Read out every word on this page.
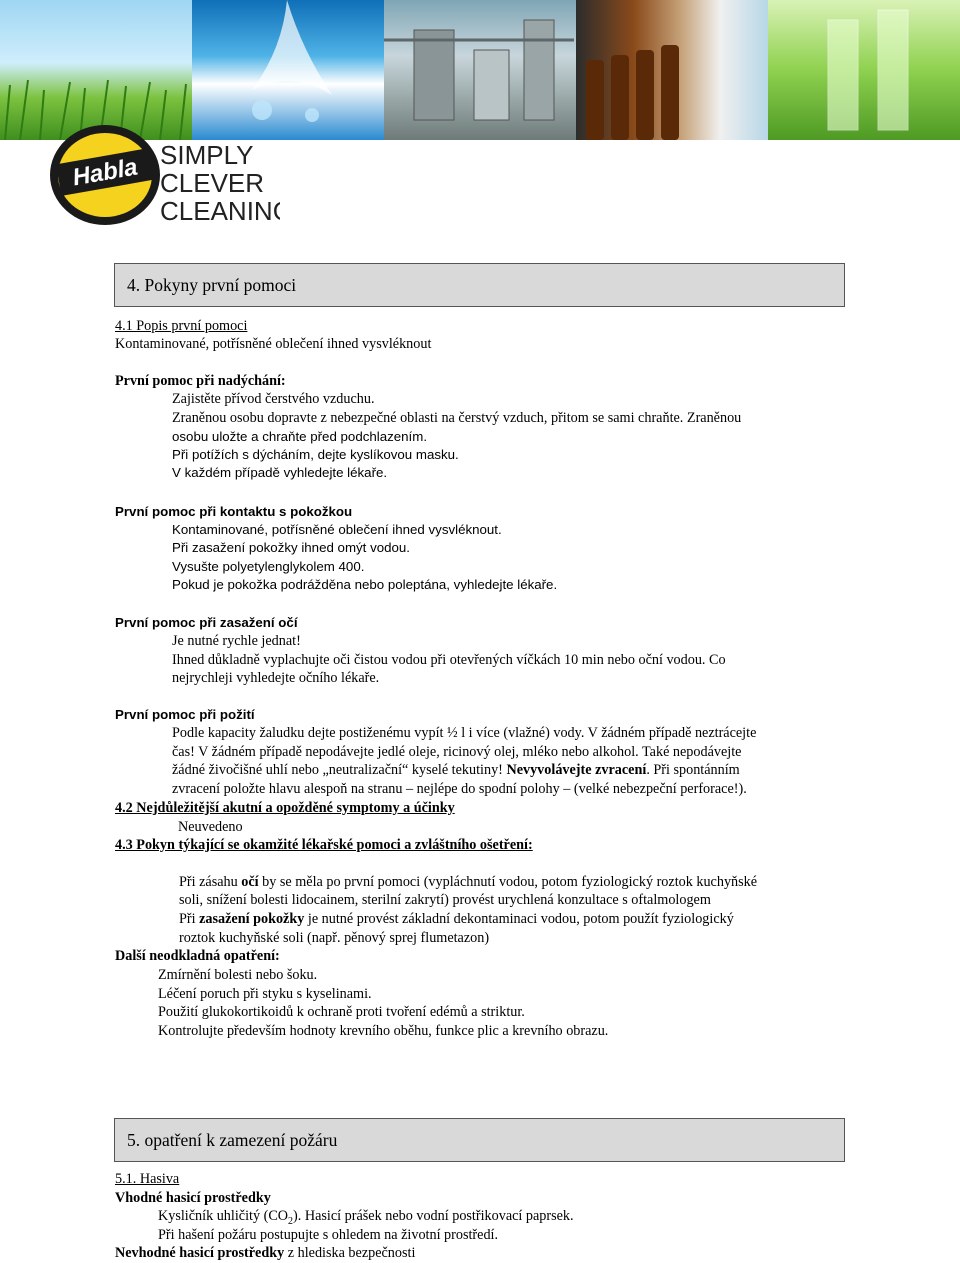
Habla SIMPLY
CLEVER
CLEANING
4. Pokyny první pomoci
4.1 Popis první pomoci
Kontaminované, potřísněné oblečení ihned vysvléknout
První pomoc při nadýchání:
Zajistěte přívod čerstvého vzduchu.
Zraněnou osobu dopravte z nebezpečné oblasti na čerstvý vzduch, přitom se sami chraňte. Zraněnou
osobu uložte a chraňte před podchlazením.
Při potížích s dýcháním, dejte kyslíkovou masku.
V každém případě vyhledejte lékaře.
První pomoc při kontaktu s pokožkou
Kontaminované, potřísněné oblečení ihned vysvléknout.
Při zasažení pokožky ihned omýt vodou.
Vysušte polyetylenglykolem 400.
Pokud je pokožka podrážděna nebo poleptána, vyhledejte lékaře.
První pomoc při zasažení očí
Je nutné rychle jednat!
Ihned důkladně vyplachujte oči čistou vodou při otevřených víčkách 10 min nebo oční vodou. Co
nejrychleji vyhledejte očního lékaře.
První pomoc při požití
Podle kapacity žaludku dejte postiženému vypít ½ l i více (vlažné) vody. V žádném případě neztrácejte
čas! V žádném případě nepodávejte jedlé oleje, ricinový olej, mléko nebo alkohol. Také nepodávejte
žádné živočišné uhlí nebo „neutralizační“ kyselé tekutiny! Nevyvolávejte zvracení. Při spontánním
zvracení položte hlavu alespoň na stranu – nejlépe do spodní polohy – (velké nebezpeční perforace!).
4.2 Nejdůležitější akutní a opožděné symptomy a účinky
Neuvedeno
4.3 Pokyn týkající se okamžité lékařské pomoci a zvláštního ošetření:
Při zásahu očí by se měla po první pomoci (vypláchnutí vodou, potom fyziologický roztok kuchyňské
soli, snížení bolesti lidocainem, sterilní zakrytí) provést urychlená konzultace s oftalmologem
Při zasažení pokožky je nutné provést základní dekontaminaci vodou, potom použít fyziologický
roztok kuchyňské soli (např. pěnový sprej flumetazon)
Další neodkladná opatření:
Zmírnění bolesti nebo šoku.
Léčení poruch při styku s kyselinami.
Použití glukokortikoidů k ochraně proti tvoření edémů a striktur.
Kontrolujte především hodnoty krevního oběhu, funkce plic a krevního obrazu.
5. opatření k zamezení požáru
5.1. Hasiva
Vhodné hasicí prostředky
Kysličník uhličitý $(CO_2)$. Hasicí prášek nebo vodní postřikovací paprsek.
Při hašení požáru postupujte s ohledem na životní prostředí.
Nevhodné hasicí prostředky z hlediska bezpečnosti
